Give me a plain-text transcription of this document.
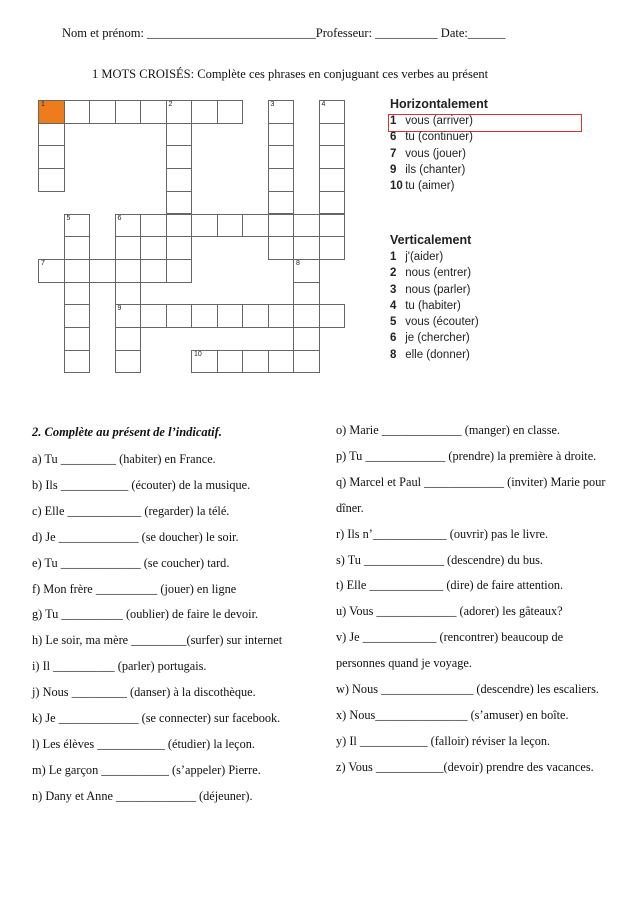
Nom et prénom: ___________________________Professeur: __________ Date:______
1 MOTS CROISÉS: Complète ces phrases en conjuguant ces verbes au présent
1	2	3	4
6
5
9
7	8
10
Horizontalement
1 vous (arriver)
6 tu (continuer)
7 vous (jouer)
9 ils (chanter)
10 tu (aimer)
Verticalement
1 j'(aider)
2 nous (entrer)
3 nous (parler)
4 tu (habiter)
5 vous (écouter)
6 je (chercher)
8 elle (donner)
2. Complète au présent de l’indicatif.
a) Tu _________ (habiter) en France.
b) Ils ___________ (écouter) de la musique.
c) Elle ____________ (regarder) la télé.
d) Je _____________ (se doucher) le soir.
e) Tu _____________ (se coucher) tard.
f) Mon frère __________ (jouer) en ligne
g) Tu __________ (oublier) de faire le devoir.
h) Le soir, ma mère _________(surfer) sur internet
i) Il __________ (parler) portugais.
j) Nous _________ (danser) à la discothèque.
k) Je _____________ (se connecter) sur facebook.
l) Les élèves ___________ (étudier) la leçon.
m) Le garçon ___________ (s’appeler) Pierre.
n) Dany et Anne _____________ (déjeuner).
o) Marie _____________ (manger) en classe.
p) Tu _____________ (prendre) la première à droite.
q) Marcel et Paul _____________ (inviter) Marie pour dîner.
r) Ils n’____________ (ouvrir) pas le livre.
s) Tu _____________ (descendre) du bus.
t) Elle ____________ (dire) de faire attention.
u) Vous _____________ (adorer) les gâteaux?
v) Je ____________ (rencontrer) beaucoup de personnes quand je voyage.
w) Nous _______________ (descendre) les escaliers.
x) Nous_______________ (s’amuser) en boîte.
y) Il ___________ (falloir) réviser la leçon.
z) Vous ___________(devoir) prendre des vacances.
